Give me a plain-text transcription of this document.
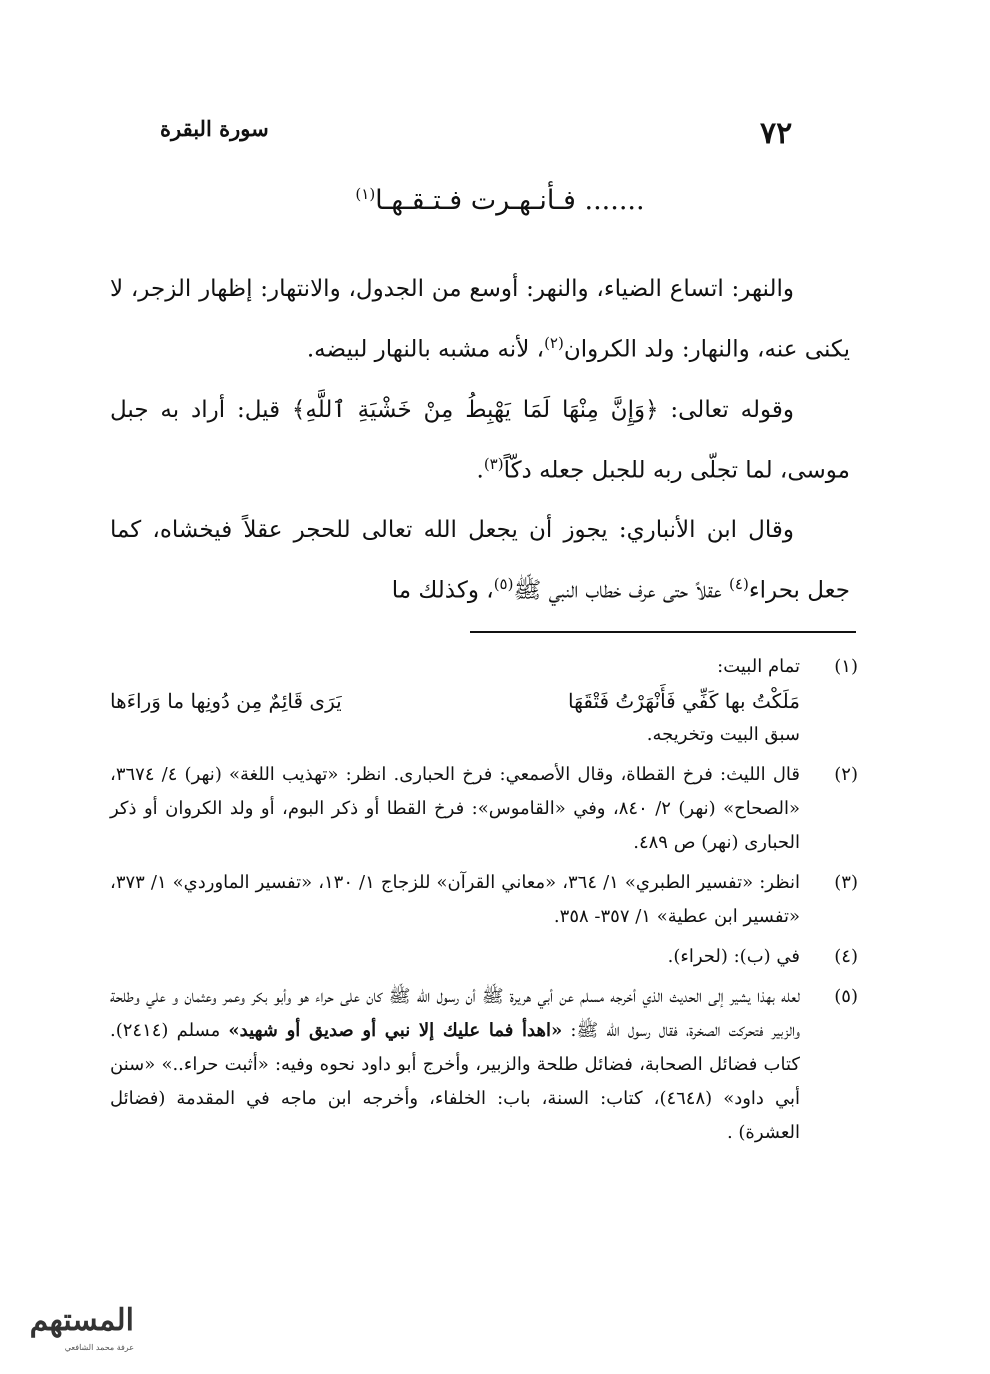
٧٢
سورة البقرة
....... فـأنـهـرت فـتـقـهـا$^{(١)}$

والنهر: اتساع الضياء، والنهر: أوسع من الجدول، والانتهار: إظهار الزجر، لا يكنى عنه، والنهار: ولد الكروان$^{(٢)}$، لأنه مشبه بالنهار لبيضه.

وقوله تعالى: ﴿وَإِنَّ مِنْهَا لَمَا يَهْبِطُ مِنْ خَشْيَةِ ٱللَّهِ﴾ قيل: أراد به جبل موسى، لما تجلّى ربه للجبل جعله دكّاً$^{(٣)}$.

وقال ابن الأنباري: يجوز أن يجعل الله تعالى للحجر عقلاً فيخشاه، كما جعل بحراء$^{(٤)}$ عقلاً حتى عرف خطاب النبي ﷺ$^{(٥)}$، وكذلك ما

(١)
تمام البيت:
مَلَكْتُ بها كَفِّي فَأَنْهَرْتُ فَتْقَهَا
يَرَى قَائِمٌ مِن دُونِها ما وَراءَها
سبق البيت وتخريجه.
(٢)
قال الليث: فرخ القطاة، وقال الأصمعي: فرخ الحبارى. انظر: «تهذيب اللغة» (نهر) ٤/ ٣٦٧٤، «الصحاح» (نهر) ٢/ ٨٤٠، وفي «القاموس»: فرخ القطا أو ذكر البوم، أو ولد الكروان أو ذكر الحبارى (نهر) ص ٤٨٩.
(٣)
انظر: «تفسير الطبري» ١/ ٣٦٤، «معاني القرآن» للزجاج ١/ ١٣٠، «تفسير الماوردي» ١/ ٣٧٣، «تفسير ابن عطية» ١/ ٣٥٧- ٣٥٨.
(٤)
في (ب): (لحراء).
(٥)
لعله بهذا يشير إلى الحديث الذي أخرجه مسلم عن أبي هريرة ﷺ أن رسول الله ﷺ كان على حراء هو وأبو بكر وعمر وعثمان و علي وطلحة والزبير فتحركت الصخرة، فقال رسول الله ﷺ: «اهدأ فما عليك إلا نبي أو صديق أو شهيد» مسلم (٢٤١٤). كتاب فضائل الصحابة، فضائل طلحة والزبير، وأخرج أبو داود نحوه وفيه: «أثبت حراء..» «سنن أبي داود» (٤٦٤٨)، كتاب: السنة، باب: الخلفاء، وأخرجه ابن ماجه في المقدمة (فضائل العشرة) .
المستهم
عرفة محمد الشافعي
